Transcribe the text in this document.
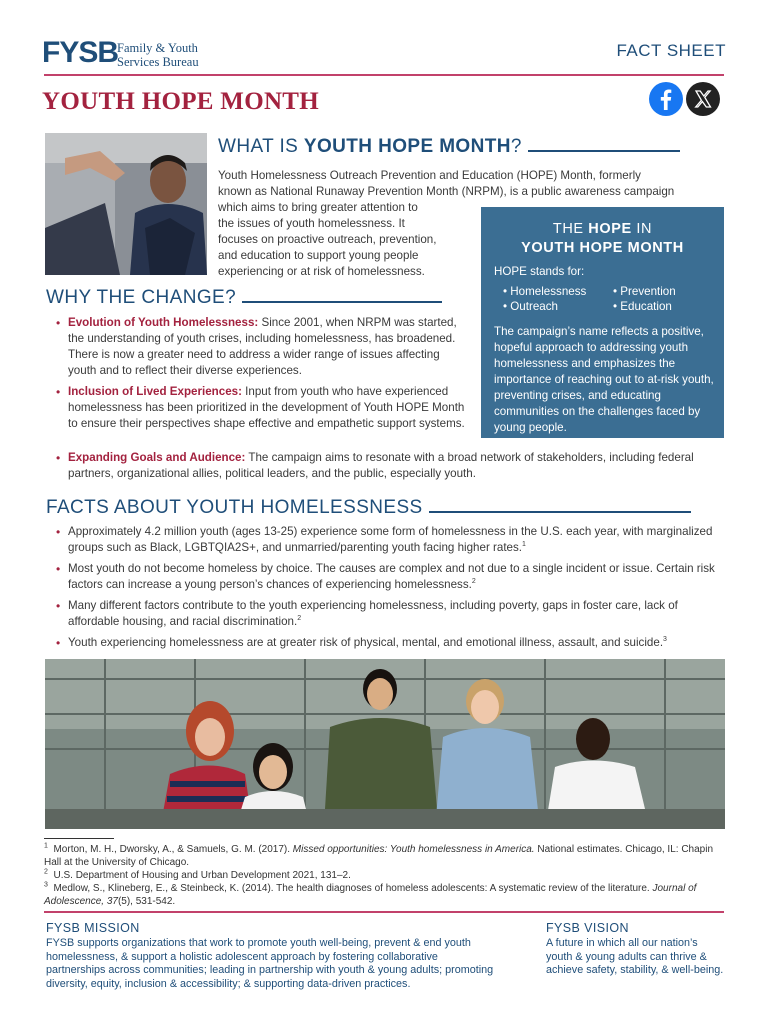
FYSB
Family & Youth
Services Bureau
FACT SHEET
YOUTH HOPE MONTH
WHAT IS YOUTH HOPE MONTH?
Youth Homelessness Outreach Prevention and Education (HOPE) Month, formerly
known as National Runaway Prevention Month (NRPM), is a public awareness campaign
which aims to bring greater attention to
the issues of youth homelessness. It
focuses on proactive outreach, prevention,
and education to support young people
experiencing or at risk of homelessness.
THE HOPE IN
YOUTH HOPE MONTH
HOPE stands for:
• Homelessness
• Outreach
• Prevention
• Education
The campaign’s name reflects a positive, hopeful approach to addressing youth homelessness and emphasizes the importance of reaching out to at-risk youth, preventing crises, and educating communities on the challenges faced by young people.
WHY THE CHANGE?
• Evolution of Youth Homelessness: Since 2001, when NRPM was started, the understanding of youth crises, including homelessness, has broadened. There is now a greater need to address a wider range of issues affecting youth and to reflect their diverse experiences.
• Inclusion of Lived Experiences: Input from youth who have experienced homelessness has been prioritized in the development of Youth HOPE Month to ensure their perspectives shape effective and empathetic support systems.
• Expanding Goals and Audience: The campaign aims to resonate with a broad network of stakeholders, including federal partners, organizational allies, political leaders, and the public, especially youth.
FACTS ABOUT YOUTH HOMELESSNESS
• Approximately 4.2 million youth (ages 13-25) experience some form of homelessness in the U.S. each year, with marginalized groups such as Black, LGBTQIA2S+, and unmarried/parenting youth facing higher rates.$^1$
• Most youth do not become homeless by choice. The causes are complex and not due to a single incident or issue. Certain risk factors can increase a young person’s chances of experiencing homelessness.$^2$
• Many different factors contribute to the youth experiencing homelessness, including poverty, gaps in foster care, lack of affordable housing, and racial discrimination.$^2$
• Youth experiencing homelessness are at greater risk of physical, mental, and emotional illness, assault, and suicide.$^3$
$^1$ Morton, M. H., Dworsky, A., & Samuels, G. M. (2017). Missed opportunities: Youth homelessness in America. National estimates. Chicago, IL: Chapin Hall at the University of Chicago.
$^2$ U.S. Department of Housing and Urban Development 2021, 131–2.
$^3$ Medlow, S., Klineberg, E., & Steinbeck, K. (2014). The health diagnoses of homeless adolescents: A systematic review of the literature. Journal of Adolescence, 37(5), 531-542.
FYSB MISSION
FYSB supports organizations that work to promote youth well-being, prevent & end youth homelessness, & support a holistic adolescent approach by fostering collaborative partnerships across communities; leading in partnership with youth & young adults; promoting diversity, equity, inclusion & accessibility; & supporting data-driven practices.
FYSB VISION
A future in which all our nation’s youth & young adults can thrive & achieve safety, stability, & well-being.
